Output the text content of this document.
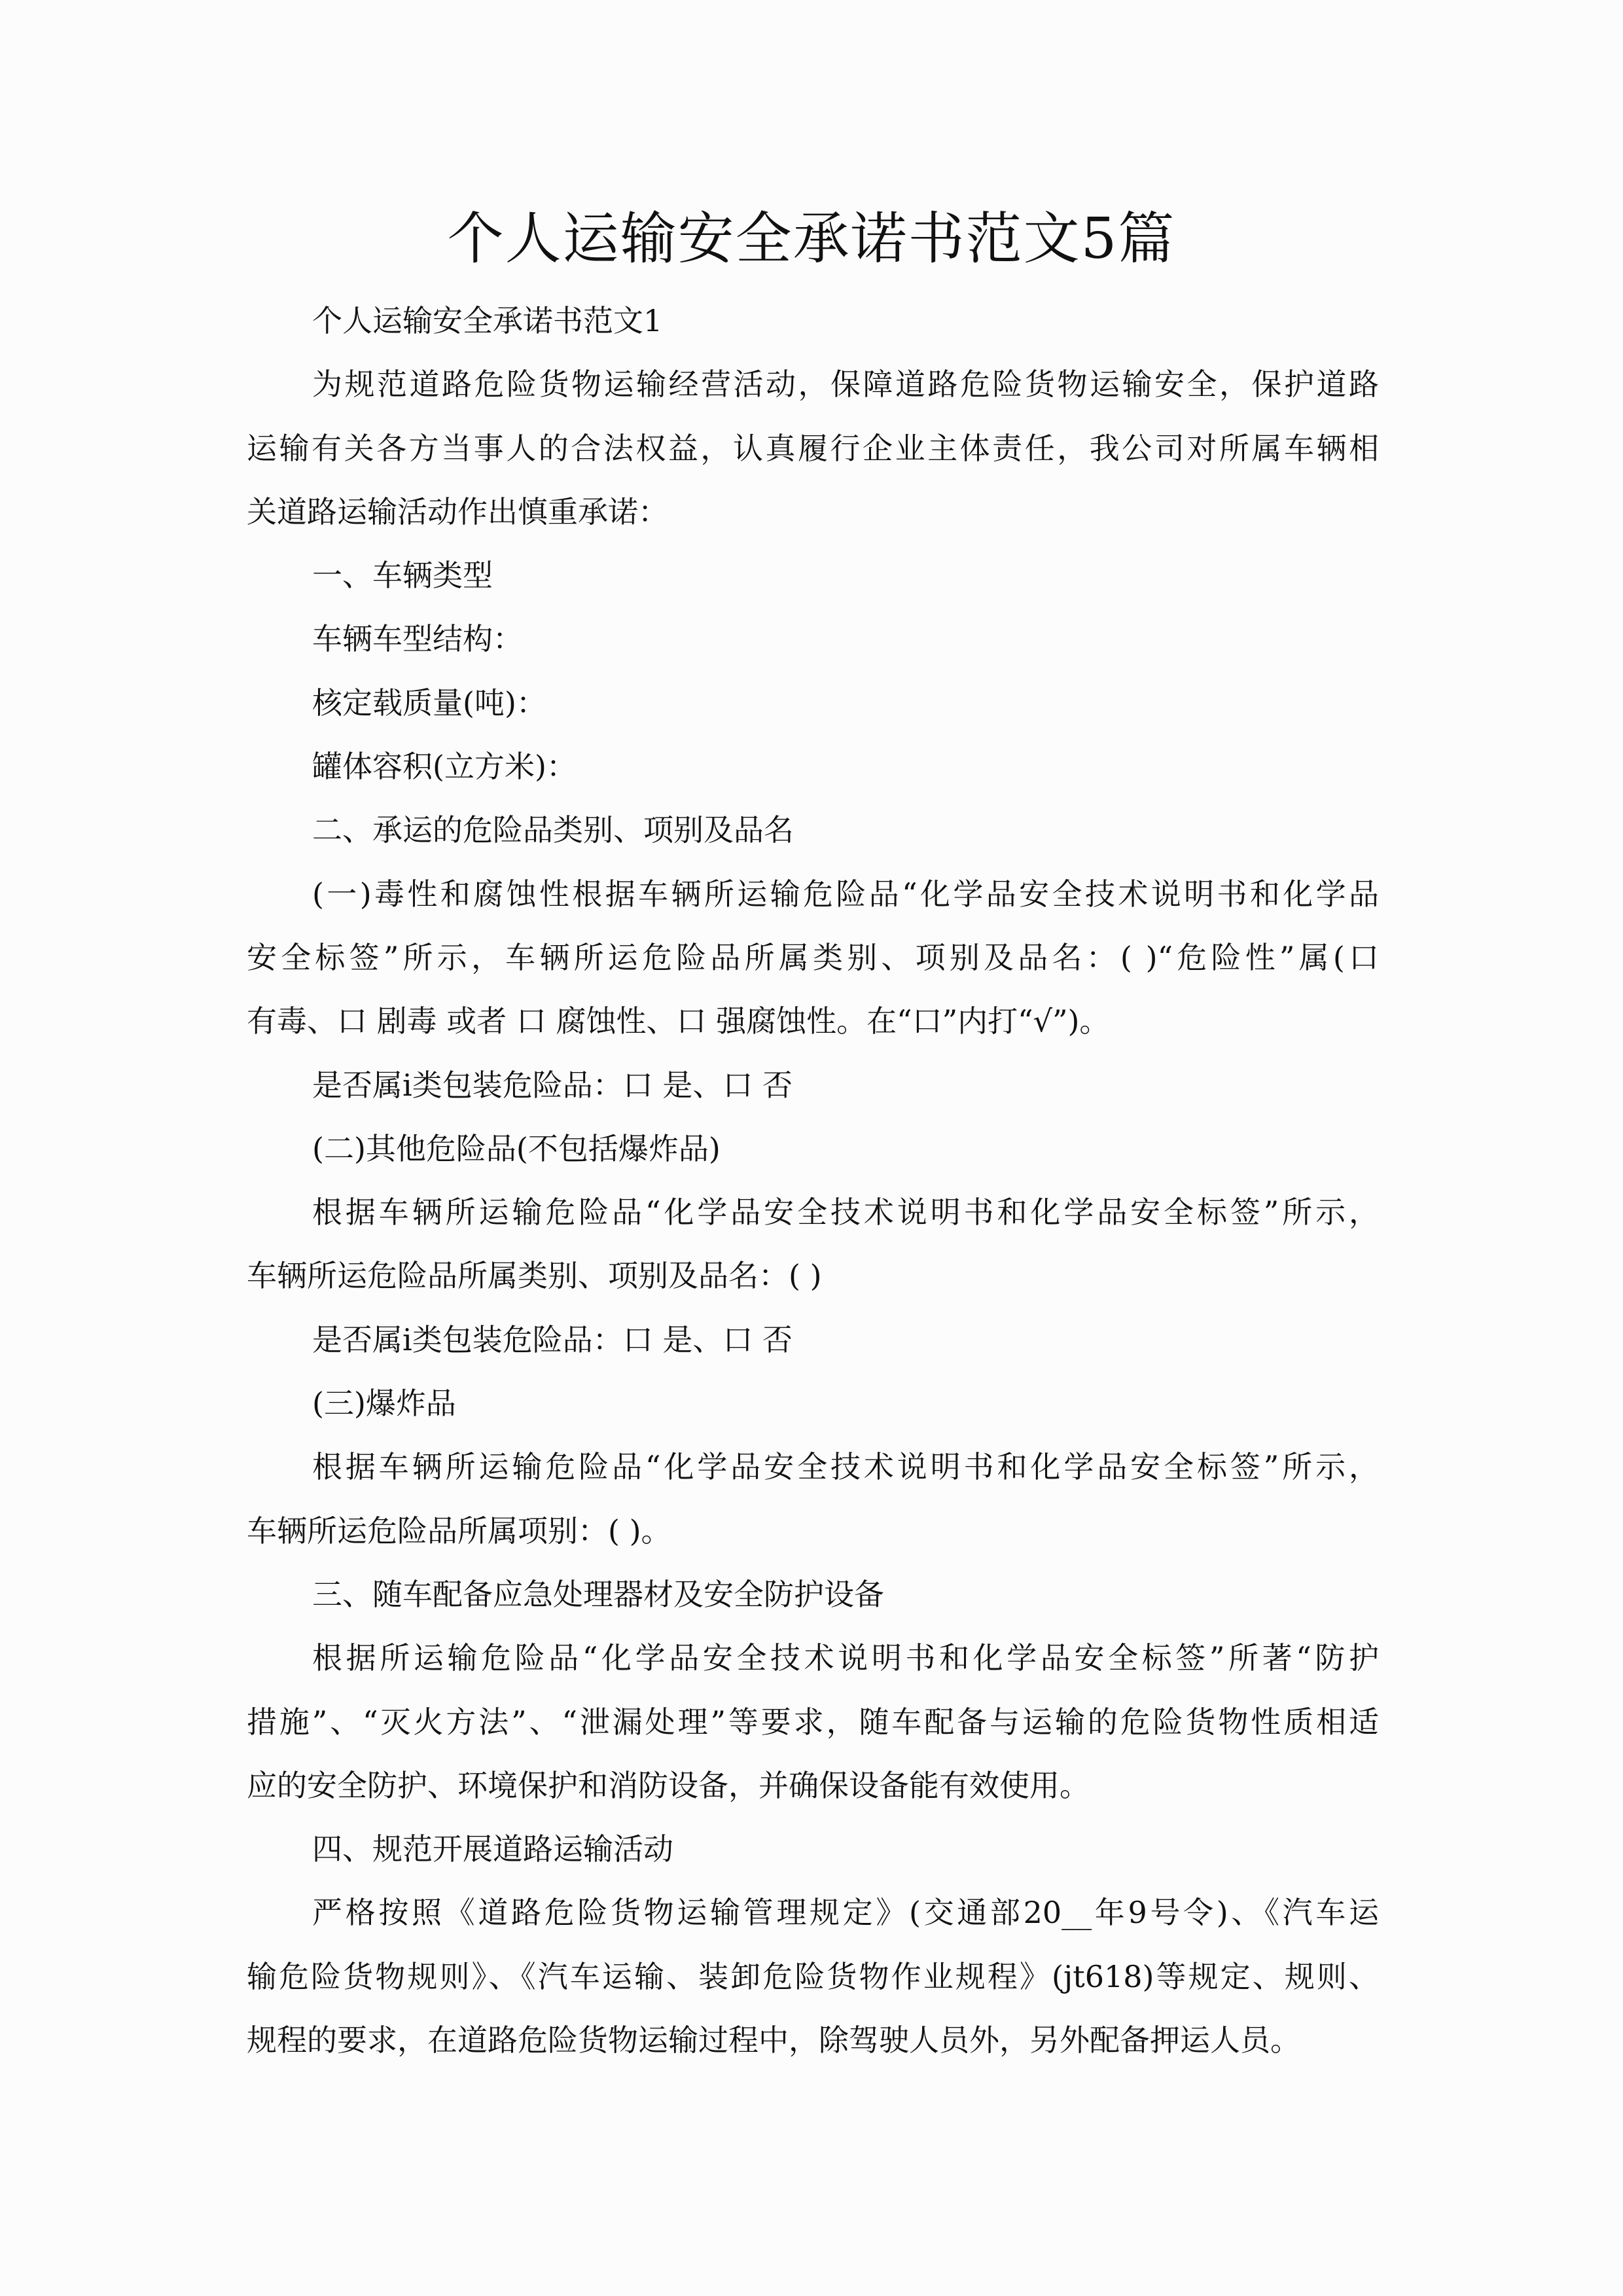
个人运输安全承诺书范文5篇

个人运输安全承诺书范文1

为规范道路危险货物运输经营活动，保障道路危险货物运输安全，保护道路
运输有关各方当事人的合法权益，认真履行企业主体责任，我公司对所属车辆相
关道路运输活动作出慎重承诺：

一、车辆类型

车辆车型结构：

核定载质量(吨)：

罐体容积(立方米)：

二、承运的危险品类别、项别及品名

(一)毒性和腐蚀性根据车辆所运输危险品“化学品安全技术说明书和化学品
安全标签”所示，车辆所运危险品所属类别、项别及品名：( )“危险性”属(口
有毒、口 剧毒 或者 口 腐蚀性、口 强腐蚀性。在“口”内打“√”)。

是否属i类包装危险品：口 是、口 否

(二)其他危险品(不包括爆炸品)

根据车辆所运输危险品“化学品安全技术说明书和化学品安全标签”所示，
车辆所运危险品所属类别、项别及品名：( )

是否属i类包装危险品：口 是、口 否

(三)爆炸品

根据车辆所运输危险品“化学品安全技术说明书和化学品安全标签”所示，
车辆所运危险品所属项别：( )。

三、随车配备应急处理器材及安全防护设备

根据所运输危险品“化学品安全技术说明书和化学品安全标签”所著“防护
措施”、“灭火方法”、“泄漏处理”等要求，随车配备与运输的危险货物性质相适
应的安全防护、环境保护和消防设备，并确保设备能有效使用。

四、规范开展道路运输活动

严格按照《道路危险货物运输管理规定》(交通部20__年9号令)、《汽车运
输危险货物规则》、《汽车运输、装卸危险货物作业规程》(jt618)等规定、规则、
规程的要求，在道路危险货物运输过程中，除驾驶人员外，另外配备押运人员。
